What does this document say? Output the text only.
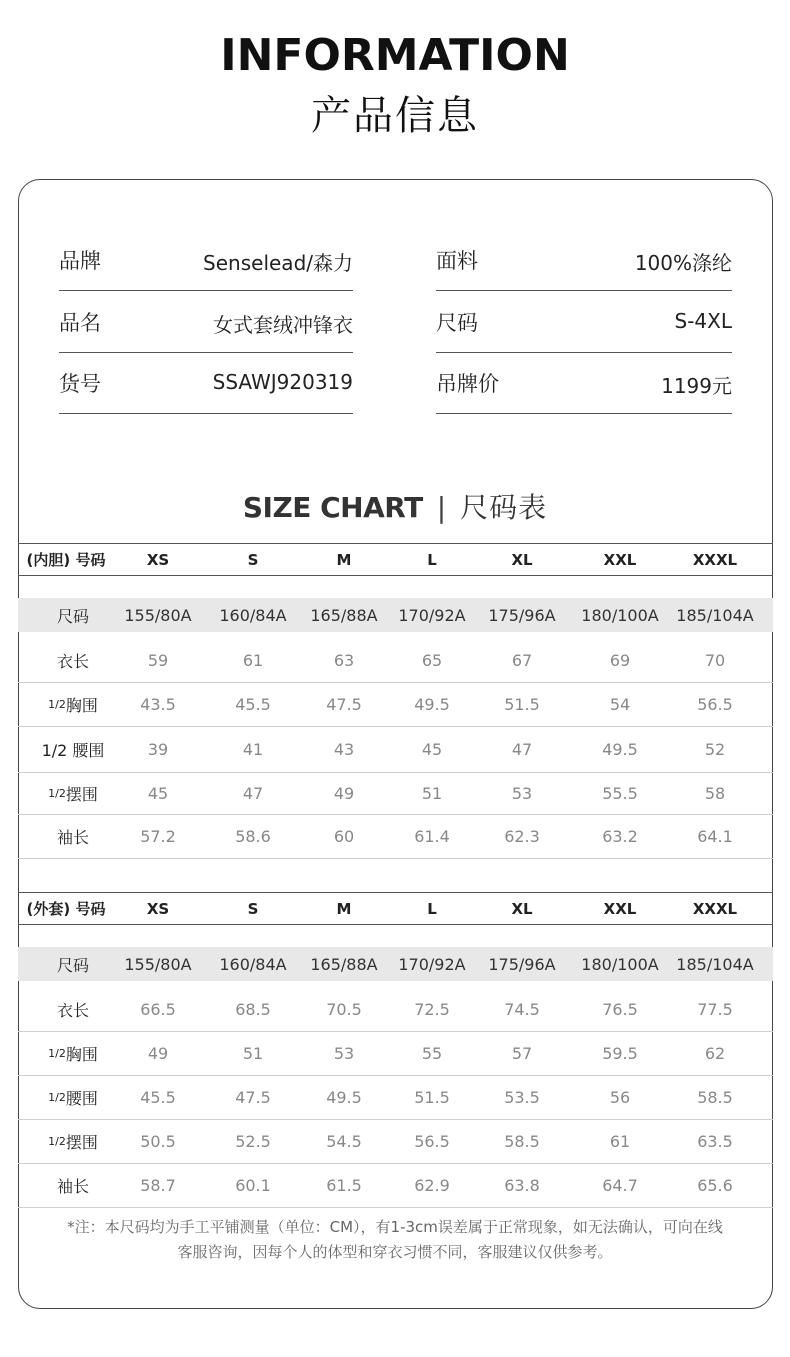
INFORMATION
产品信息
品牌	Senselead/森力
品名	女式套绒冲锋衣
货号	SSAWJ920319
面料	100%涤纶
尺码	S-4XL
吊牌价	1199元
SIZE CHART | 尺码表
(内胆) 号码	XS	S	M	L	XL	XXL	XXXL
尺码	155/80A	160/84A	165/88A	170/92A	175/96A	180/100A	185/104A
衣长	59	61	63	65	67	69	70
1/2 胸围	43.5	45.5	47.5	49.5	51.5	54	56.5
1/2 腰围	39	41	43	45	47	49.5	52
1/2 摆围	45	47	49	51	53	55.5	58
袖长	57.2	58.6	60	61.4	62.3	63.2	64.1
(外套) 号码	XS	S	M	L	XL	XXL	XXXL
尺码	155/80A	160/84A	165/88A	170/92A	175/96A	180/100A	185/104A
衣长	66.5	68.5	70.5	72.5	74.5	76.5	77.5
1/2 胸围	49	51	53	55	57	59.5	62
1/2 腰围	45.5	47.5	49.5	51.5	53.5	56	58.5
1/2 摆围	50.5	52.5	54.5	56.5	58.5	61	63.5
袖长	58.7	60.1	61.5	62.9	63.8	64.7	65.6
*注：本尺码均为手工平铺测量（单位：CM），有1-3cm误差属于正常现象，如无法确认，可向在线
客服咨询，因每个人的体型和穿衣习惯不同，客服建议仅供参考。
